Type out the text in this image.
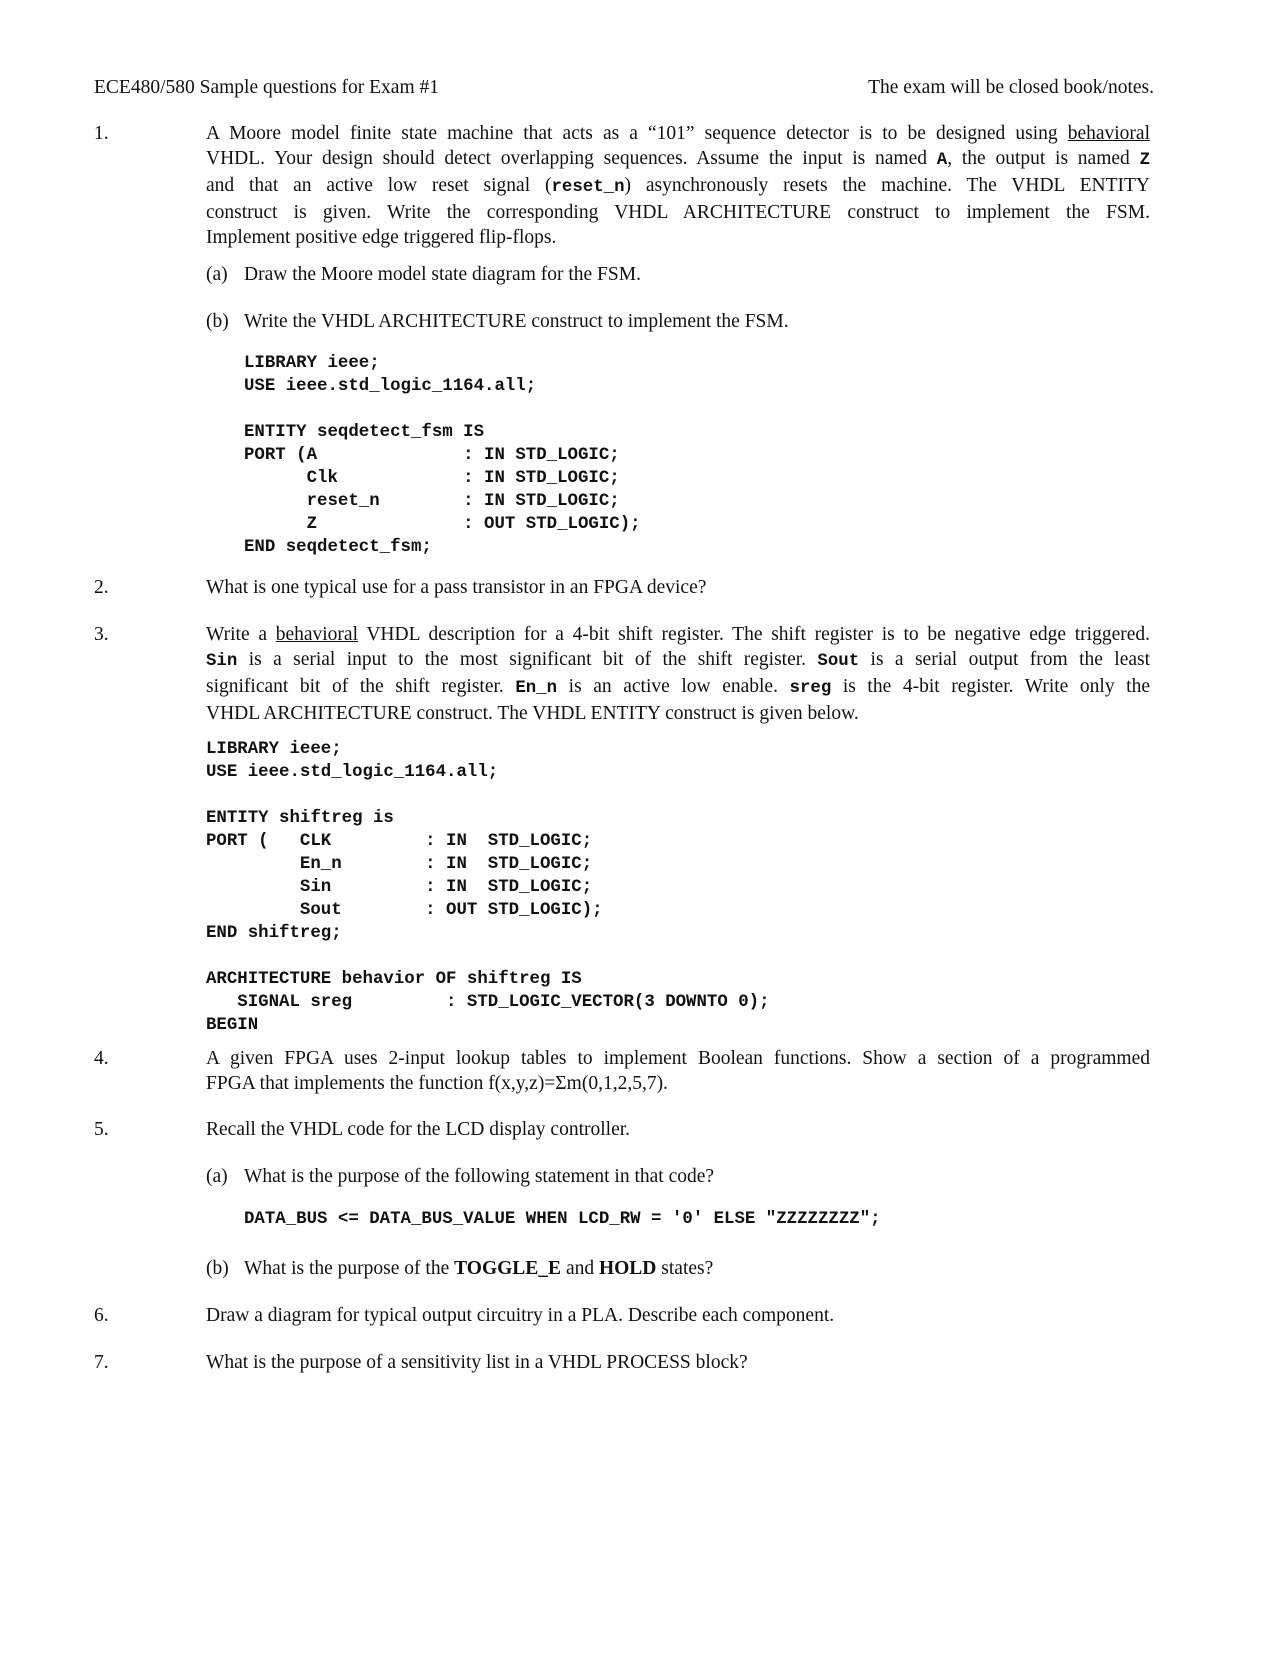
ECE480/580 Sample questions for Exam #1	The exam will be closed book/notes.
1.	A Moore model finite state machine that acts as a “101” sequence detector is to be designed using behavioral
VHDL. Your design should detect overlapping sequences. Assume the input is named A, the output is named Z
and that an active low reset signal (reset_n) asynchronously resets the machine. The VHDL ENTITY
construct is given. Write the corresponding VHDL ARCHITECTURE construct to implement the FSM.
Implement positive edge triggered flip-flops.
(a) Draw the Moore model state diagram for the FSM.
(b) Write the VHDL ARCHITECTURE construct to implement the FSM.
LIBRARY ieee;
USE ieee.std_logic_1164.all;

ENTITY seqdetect_fsm IS
PORT (A              : IN STD_LOGIC;
Clk            : IN STD_LOGIC;
reset_n        : IN STD_LOGIC;
Z              : OUT STD_LOGIC);
END seqdetect_fsm;
2.	What is one typical use for a pass transistor in an FPGA device?
3.	Write a behavioral VHDL description for a 4-bit shift register. The shift register is to be negative edge triggered.
Sin is a serial input to the most significant bit of the shift register. Sout is a serial output from the least
significant bit of the shift register. En_n is an active low enable. sreg is the 4-bit register. Write only the
VHDL ARCHITECTURE construct. The VHDL ENTITY construct is given below.
LIBRARY ieee;
USE ieee.std_logic_1164.all;

ENTITY shiftreg is
PORT (   CLK         : IN  STD_LOGIC;
En_n        : IN  STD_LOGIC;
Sin         : IN  STD_LOGIC;
Sout        : OUT STD_LOGIC);
END shiftreg;

ARCHITECTURE behavior OF shiftreg IS
SIGNAL sreg         : STD_LOGIC_VECTOR(3 DOWNTO 0);
BEGIN
4.	A given FPGA uses 2-input lookup tables to implement Boolean functions. Show a section of a programmed
FPGA that implements the function f(x,y,z)=Σm(0,1,2,5,7).
5.	Recall the VHDL code for the LCD display controller.
(a) What is the purpose of the following statement in that code?
DATA_BUS <= DATA_BUS_VALUE WHEN LCD_RW = '0' ELSE "ZZZZZZZZ";
(b) What is the purpose of the TOGGLE_E and HOLD states?
6.	Draw a diagram for typical output circuitry in a PLA. Describe each component.
7.	What is the purpose of a sensitivity list in a VHDL PROCESS block?
